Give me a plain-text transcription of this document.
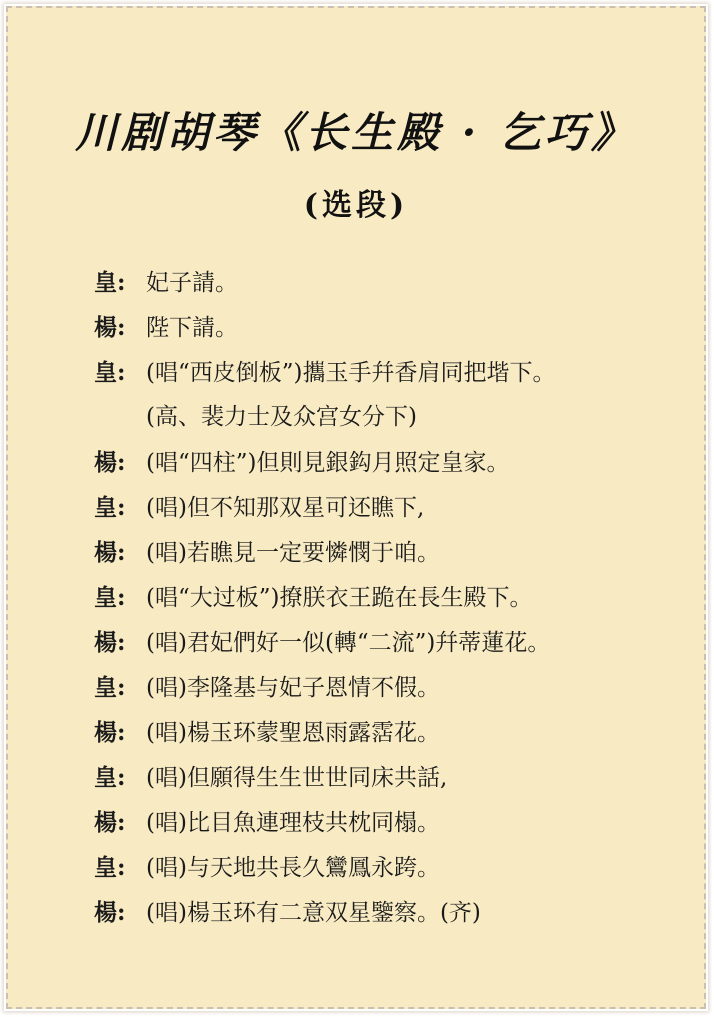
川剧胡琴《长生殿 · 乞巧》
(选段)
皇: 妃子請。
楊: 陛下請。
皇: (唱“西皮倒板”)攜玉手幷香肩同把堦下。
(高、裴力士及众宫女分下)
楊: (唱“四柱”)但則見銀鈎月照定皇家。
皇: (唱)但不知那双星可还瞧下,
楊: (唱)若瞧見一定要憐憫于咱。
皇: (唱“大过板”)撩朕衣王跪在長生殿下。
楊: (唱)君妃們好一似(轉“二流”)幷蒂蓮花。
皇: (唱)李隆基与妃子恩情不假。
楊: (唱)楊玉环蒙聖恩雨露霑花。
皇: (唱)但願得生生世世同床共話,
楊: (唱)比目魚連理枝共枕同榻。
皇: (唱)与天地共長久鸞鳳永跨。
楊: (唱)楊玉环有二意双星鑒察。(齐)
